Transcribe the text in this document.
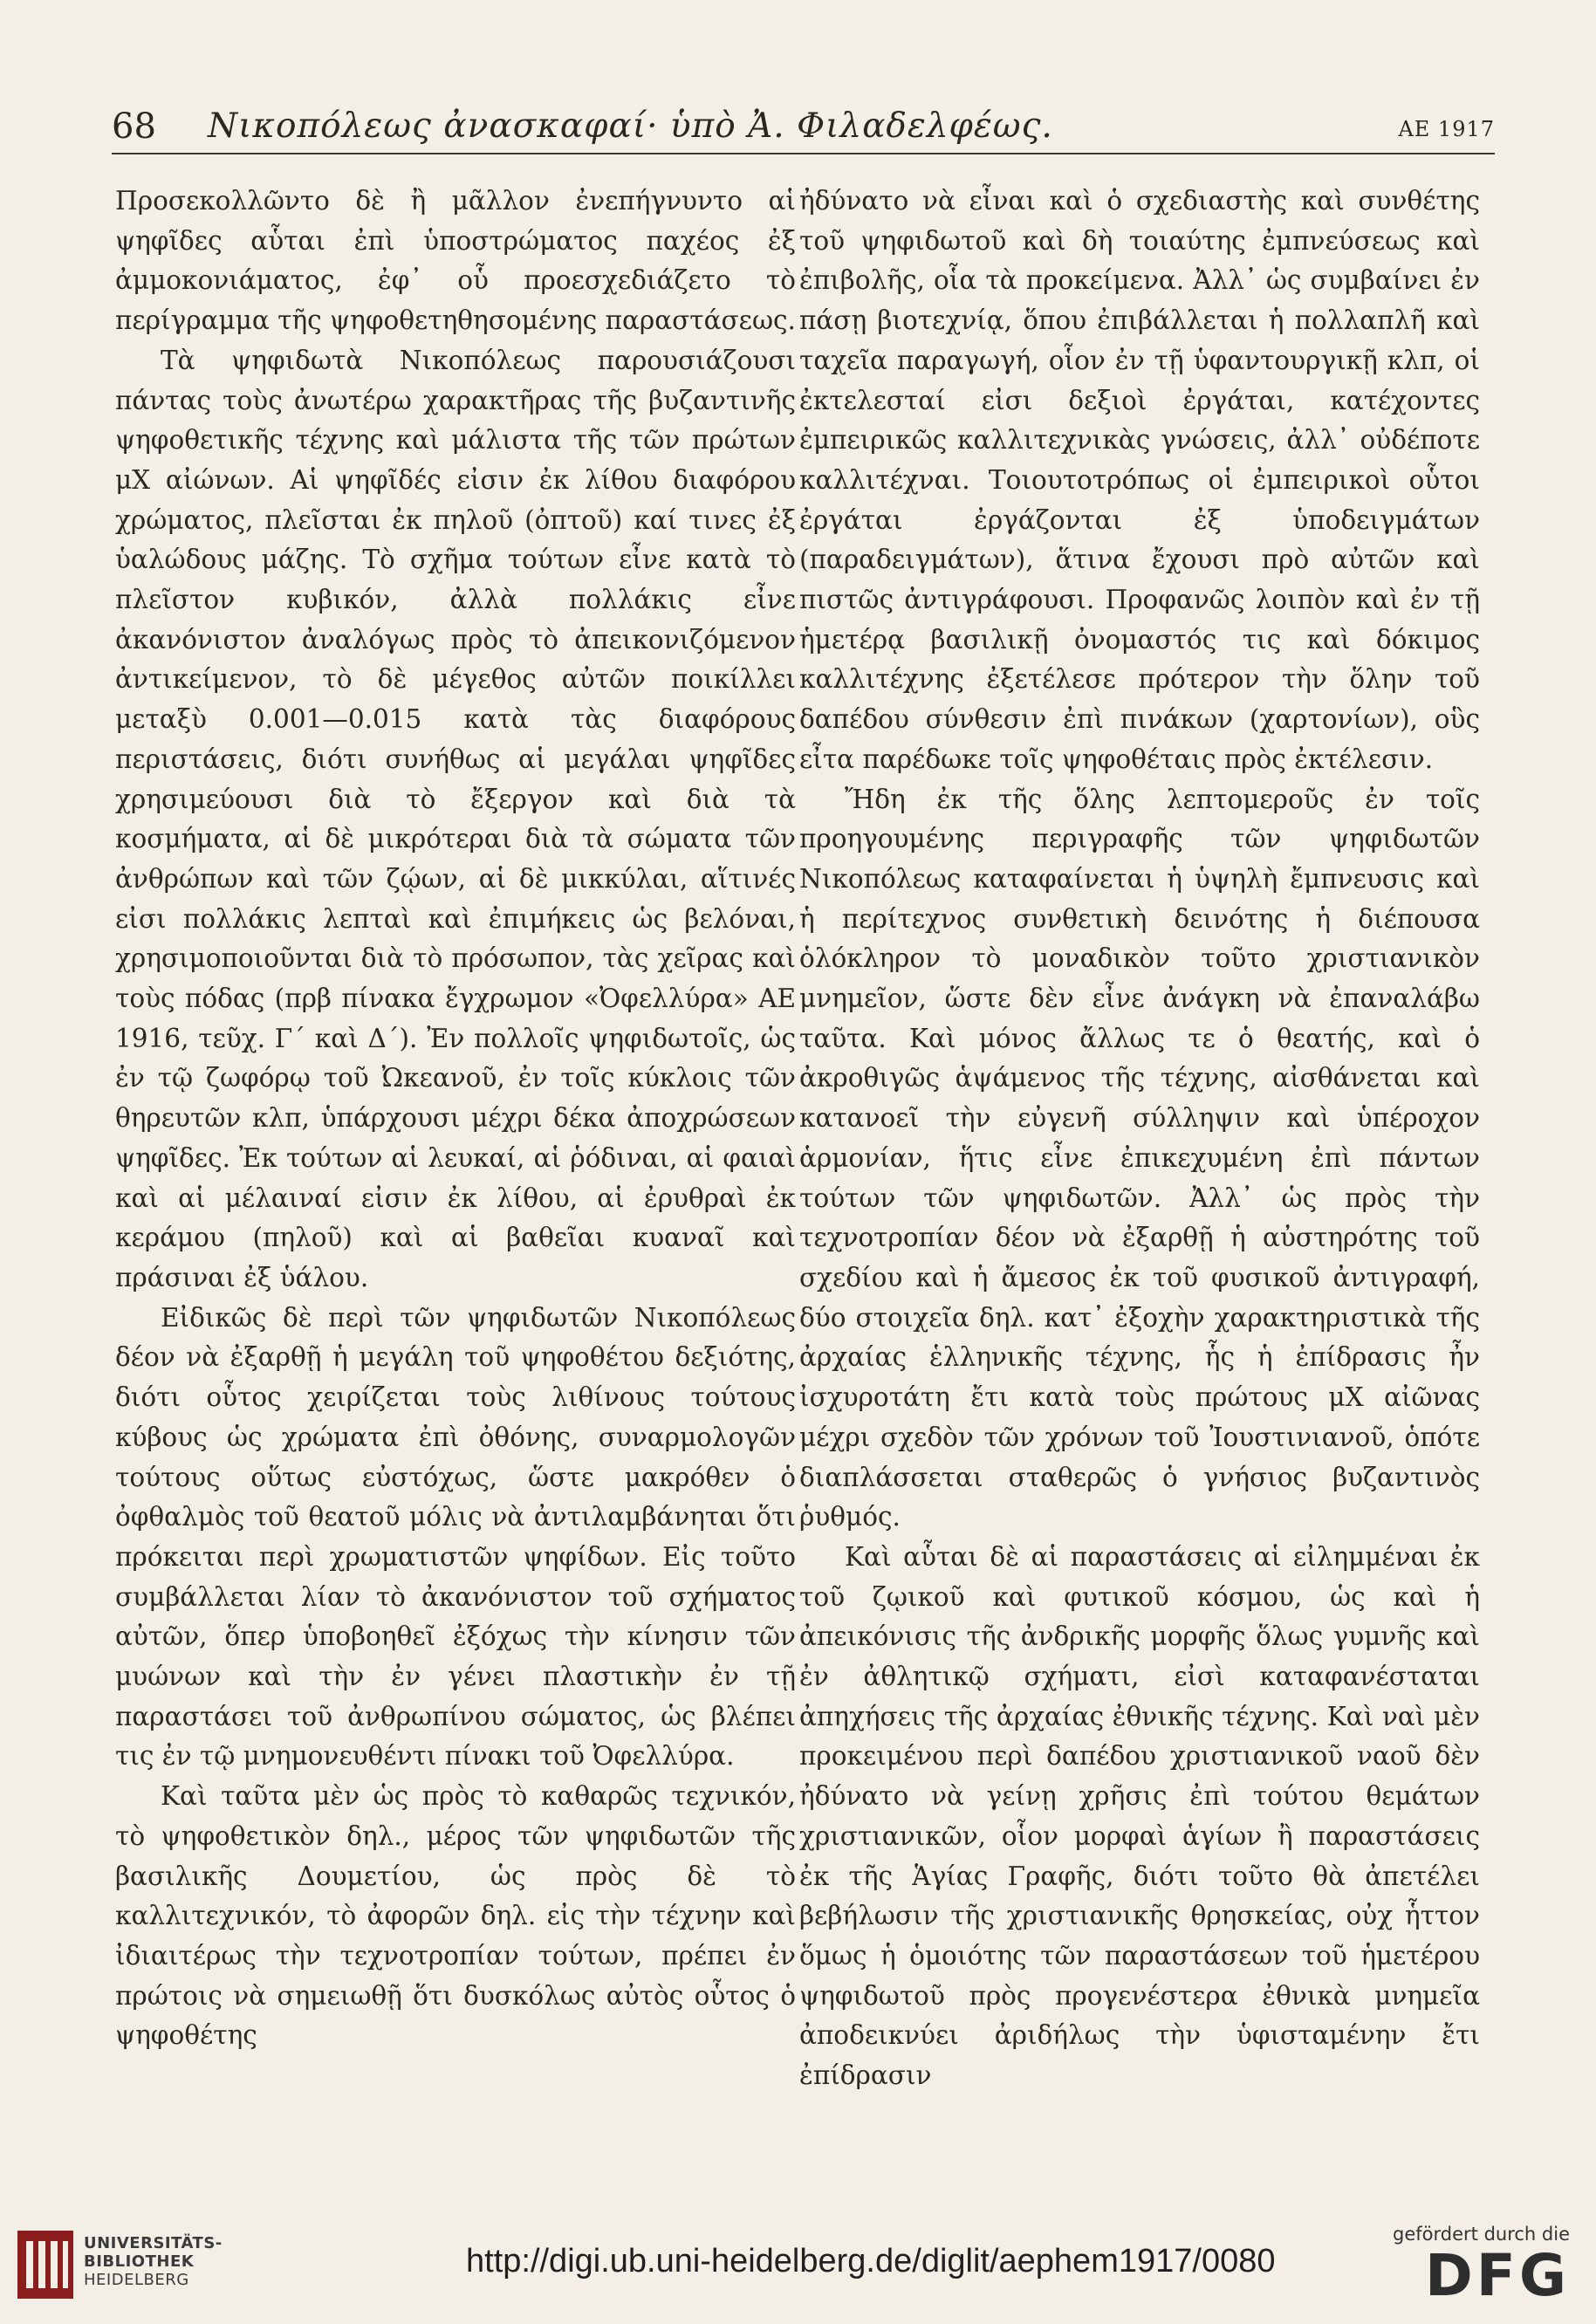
68 Νικοπόλεως ἀνασκαφαί· ὑπὸ Ἀ. Φιλαδελφέως.	ΑΕ 1917

Προσεκολλῶντο δὲ ἢ μᾶλλον ἐνεπήγνυντο αἱ ψηφῖδες αὗται ἐπὶ ὑποστρώματος παχέος ἐξ ἀμμοκονιάματος, ἐφ᾽ οὗ προεσχεδιάζετο τὸ περίγραμμα τῆς ψηφοθετηθησομένης παραστάσεως.

Τὰ ψηφιδωτὰ Νικοπόλεως παρουσιάζουσι πάντας τοὺς ἀνωτέρω χαρακτῆρας τῆς βυζαντινῆς ψηφοθετικῆς τέχνης καὶ μάλιστα τῆς τῶν πρώτων μΧ αἰώνων. Αἱ ψηφῖδές εἰσιν ἐκ λίθου διαφόρου χρώματος, πλεῖσται ἐκ πηλοῦ (ὀπτοῦ) καί τινες ἐξ ὑαλώδους μάζης. Τὸ σχῆμα τούτων εἶνε κατὰ τὸ πλεῖστον κυβικόν, ἀλλὰ πολλάκις εἶνε ἀκανόνιστον ἀναλόγως πρὸς τὸ ἀπεικονιζόμενον ἀντικείμενον, τὸ δὲ μέγεθος αὐτῶν ποικίλλει μεταξὺ 0.001—0.015 κατὰ τὰς διαφόρους περιστάσεις, διότι συνήθως αἱ μεγάλαι ψηφῖδες χρησιμεύουσι διὰ τὸ ἔξεργον καὶ διὰ τὰ κοσμήματα, αἱ δὲ μικρότεραι διὰ τὰ σώματα τῶν ἀνθρώπων καὶ τῶν ζῴων, αἱ δὲ μικκύλαι, αἵτινές εἰσι πολλάκις λεπταὶ καὶ ἐπιμήκεις ὡς βελόναι, χρησιμοποιοῦνται διὰ τὸ πρόσωπον, τὰς χεῖρας καὶ τοὺς πόδας (πρβ πίνακα ἔγχρωμον «Ὀφελλύρα» ΑΕ 1916, τεῦχ. Γ´ καὶ Δ´). Ἐν πολλοῖς ψηφιδωτοῖς, ὡς ἐν τῷ ζωφόρῳ τοῦ Ὠκεανοῦ, ἐν τοῖς κύκλοις τῶν θηρευτῶν κλπ, ὑπάρχουσι μέχρι δέκα ἀποχρώσεων ψηφῖδες. Ἐκ τούτων αἱ λευκαί, αἱ ῥόδιναι, αἱ φαιαὶ καὶ αἱ μέλαιναί εἰσιν ἐκ λίθου, αἱ ἐρυθραὶ ἐκ κεράμου (πηλοῦ) καὶ αἱ βαθεῖαι κυαναῖ καὶ πράσιναι ἐξ ὑάλου.

Εἰδικῶς δὲ περὶ τῶν ψηφιδωτῶν Νικοπόλεως δέον νὰ ἐξαρθῇ ἡ μεγάλη τοῦ ψηφοθέτου δεξιότης, διότι οὗτος χειρίζεται τοὺς λιθίνους τούτους κύβους ὡς χρώματα ἐπὶ ὀθόνης, συναρμολογῶν τούτους οὕτως εὐστόχως, ὥστε μακρόθεν ὁ ὀφθαλμὸς τοῦ θεατοῦ μόλις νὰ ἀντιλαμβάνηται ὅτι πρόκειται περὶ χρωματιστῶν ψηφίδων. Εἰς τοῦτο συμβάλλεται λίαν τὸ ἀκανόνιστον τοῦ σχήματος αὐτῶν, ὅπερ ὑποβοηθεῖ ἐξόχως τὴν κίνησιν τῶν μυώνων καὶ τὴν ἐν γένει πλαστικὴν ἐν τῇ παραστάσει τοῦ ἀνθρωπίνου σώματος, ὡς βλέπει τις ἐν τῷ μνημονευθέντι πίνακι τοῦ Ὀφελλύρα.

Καὶ ταῦτα μὲν ὡς πρὸς τὸ καθαρῶς τεχνικόν, τὸ ψηφοθετικὸν δηλ., μέρος τῶν ψηφιδωτῶν τῆς βασιλικῆς Δουμετίου, ὡς πρὸς δὲ τὸ καλλιτεχνικόν, τὸ ἀφορῶν δηλ. εἰς τὴν τέχνην καὶ ἰδιαιτέρως τὴν τεχνοτροπίαν τούτων, πρέπει ἐν πρώτοις νὰ σημειωθῇ ὅτι δυσκόλως αὐτὸς οὗτος ὁ ψηφοθέτης

ἠδύνατο νὰ εἶναι καὶ ὁ σχεδιαστὴς καὶ συνθέτης τοῦ ψηφιδωτοῦ καὶ δὴ τοιαύτης ἐμπνεύσεως καὶ ἐπιβολῆς, οἷα τὰ προκείμενα. Ἀλλ᾽ ὡς συμβαίνει ἐν πάσῃ βιοτεχνίᾳ, ὅπου ἐπιβάλλεται ἡ πολλαπλῆ καὶ ταχεῖα παραγωγή, οἷον ἐν τῇ ὑφαντουργικῇ κλπ, οἱ ἐκτελεσταί εἰσι δεξιοὶ ἐργάται, κατέχοντες ἐμπειρικῶς καλλιτεχνικὰς γνώσεις, ἀλλ᾽ οὐδέποτε καλλιτέχναι. Τοιουτοτρόπως οἱ ἐμπειρικοὶ οὗτοι ἐργάται ἐργάζονται ἐξ ὑποδειγμάτων (παραδειγμάτων), ἅτινα ἔχουσι πρὸ αὐτῶν καὶ πιστῶς ἀντιγράφουσι. Προφανῶς λοιπὸν καὶ ἐν τῇ ἡμετέρᾳ βασιλικῇ ὀνομαστός τις καὶ δόκιμος καλλιτέχνης ἐξετέλεσε πρότερον τὴν ὅλην τοῦ δαπέδου σύνθεσιν ἐπὶ πινάκων (χαρτονίων), οὓς εἶτα παρέδωκε τοῖς ψηφοθέταις πρὸς ἐκτέλεσιν.

Ἤδη ἐκ τῆς ὅλης λεπτομεροῦς ἐν τοῖς προηγουμένης περιγραφῆς τῶν ψηφιδωτῶν Νικοπόλεως καταφαίνεται ἡ ὑψηλὴ ἔμπνευσις καὶ ἡ περίτεχνος συνθετικὴ δεινότης ἡ διέπουσα ὁλόκληρον τὸ μοναδικὸν τοῦτο χριστιανικὸν μνημεῖον, ὥστε δὲν εἶνε ἀνάγκη νὰ ἐπαναλάβω ταῦτα. Καὶ μόνος ἄλλως τε ὁ θεατής, καὶ ὁ ἀκροθιγῶς ἁψάμενος τῆς τέχνης, αἰσθάνεται καὶ κατανοεῖ τὴν εὐγενῆ σύλληψιν καὶ ὑπέροχον ἁρμονίαν, ἥτις εἶνε ἐπικεχυμένη ἐπὶ πάντων τούτων τῶν ψηφιδωτῶν. Ἀλλ᾽ ὡς πρὸς τὴν τεχνοτροπίαν δέον νὰ ἐξαρθῇ ἡ αὐστηρότης τοῦ σχεδίου καὶ ἡ ἄμεσος ἐκ τοῦ φυσικοῦ ἀντιγραφή, δύο στοιχεῖα δηλ. κατ᾽ ἐξοχὴν χαρακτηριστικὰ τῆς ἀρχαίας ἑλληνικῆς τέχνης, ἧς ἡ ἐπίδρασις ἦν ἰσχυροτάτη ἔτι κατὰ τοὺς πρώτους μΧ αἰῶνας μέχρι σχεδὸν τῶν χρόνων τοῦ Ἰουστινιανοῦ, ὁπότε διαπλάσσεται σταθερῶς ὁ γνήσιος βυζαντινὸς ῥυθμός.

Καὶ αὗται δὲ αἱ παραστάσεις αἱ εἰλημμέναι ἐκ τοῦ ζῳικοῦ καὶ φυτικοῦ κόσμου, ὡς καὶ ἡ ἀπεικόνισις τῆς ἀνδρικῆς μορφῆς ὅλως γυμνῆς καὶ ἐν ἀθλητικῷ σχήματι, εἰσὶ καταφανέσταται ἀπηχήσεις τῆς ἀρχαίας ἐθνικῆς τέχνης. Καὶ ναὶ μὲν προκειμένου περὶ δαπέδου χριστιανικοῦ ναοῦ δὲν ἠδύνατο νὰ γείνῃ χρῆσις ἐπὶ τούτου θεμάτων χριστιανικῶν, οἷον μορφαὶ ἁγίων ἢ παραστάσεις ἐκ τῆς Ἁγίας Γραφῆς, διότι τοῦτο θὰ ἀπετέλει βεβήλωσιν τῆς χριστιανικῆς θρησκείας, οὐχ ἧττον ὅμως ἡ ὁμοιότης τῶν παραστάσεων τοῦ ἡμετέρου ψηφιδωτοῦ πρὸς προγενέστερα ἐθνικὰ μνημεῖα ἀποδεικνύει ἀριδήλως τὴν ὑφισταμένην ἔτι ἐπίδρασιν

UNIVERSITÄTS-
BIBLIOTHEK
HEIDELBERG
http://digi.ub.uni-heidelberg.de/diglit/aephem1917/0080
gefördert durch die
DFG
